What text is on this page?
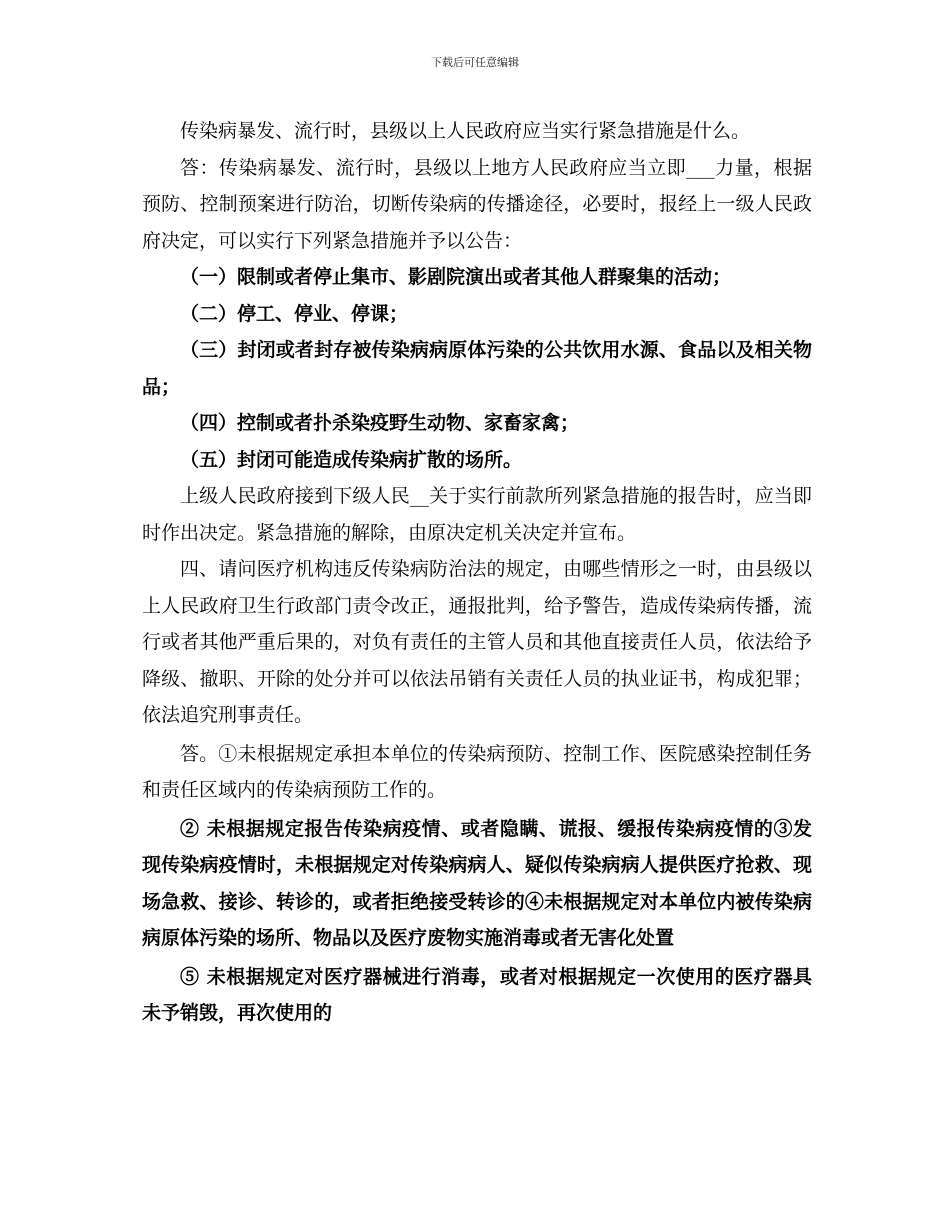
下载后可任意编辑

传染病暴发、流行时，县级以上人民政府应当实行紧急措施是什么。

答：传染病暴发、流行时，县级以上地方人民政府应当立即___力量，根据预防、控制预案进行防治，切断传染病的传播途径，必要时，报经上一级人民政府决定，可以实行下列紧急措施并予以公告：

（一）限制或者停止集市、影剧院演出或者其他人群聚集的活动；

（二）停工、停业、停课；

（三）封闭或者封存被传染病病原体污染的公共饮用水源、食品以及相关物品；

（四）控制或者扑杀染疫野生动物、家畜家禽；

（五）封闭可能造成传染病扩散的场所。

上级人民政府接到下级人民__关于实行前款所列紧急措施的报告时，应当即时作出决定。紧急措施的解除，由原决定机关决定并宣布。

四、请问医疗机构违反传染病防治法的规定，由哪些情形之一时，由县级以上人民政府卫生行政部门责令改正，通报批判，给予警告，造成传染病传播，流行或者其他严重后果的，对负有责任的主管人员和其他直接责任人员，依法给予降级、撤职、开除的处分并可以依法吊销有关责任人员的执业证书，构成犯罪；依法追究刑事责任。

答。①未根据规定承担本单位的传染病预防、控制工作、医院感染控制任务和责任区域内的传染病预防工作的。

② 未根据规定报告传染病疫情、或者隐瞒、谎报、缓报传染病疫情的③发现传染病疫情时，未根据规定对传染病病人、疑似传染病病人提供医疗抢救、现场急救、接诊、转诊的，或者拒绝接受转诊的④未根据规定对本单位内被传染病病原体污染的场所、物品以及医疗废物实施消毒或者无害化处置

⑤ 未根据规定对医疗器械进行消毒，或者对根据规定一次使用的医疗器具未予销毁，再次使用的
